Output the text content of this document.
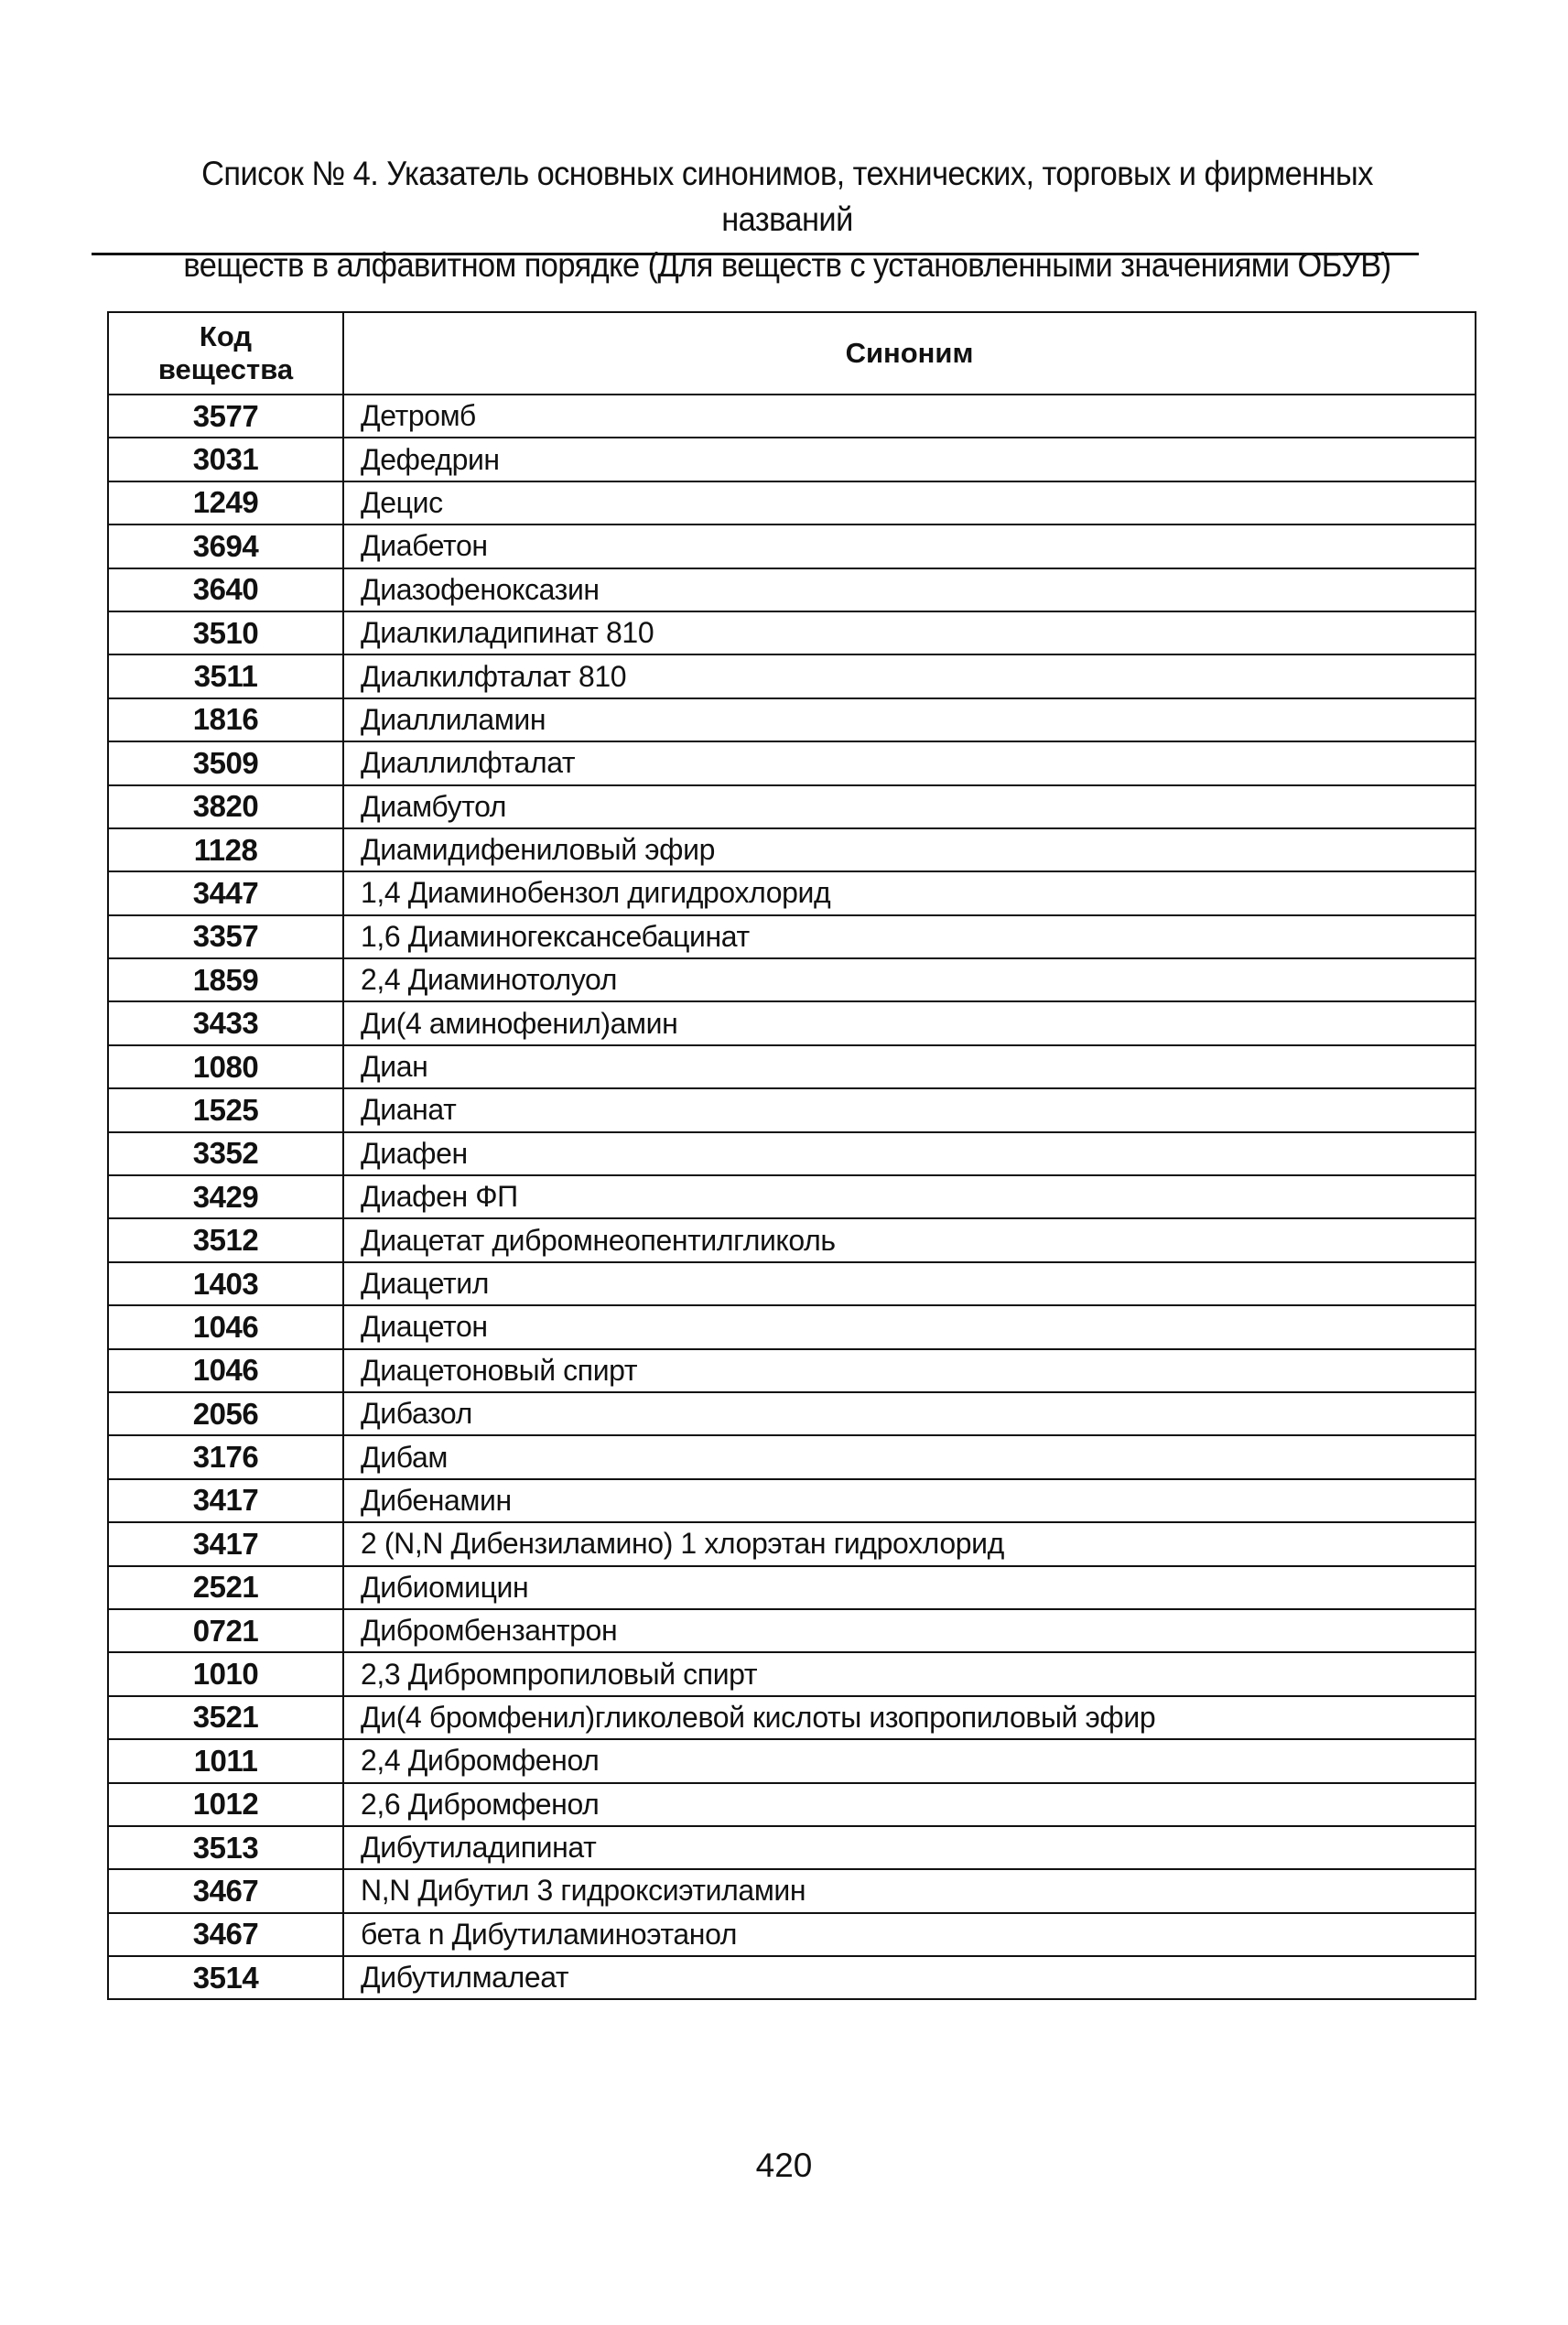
Список № 4. Указатель основных синонимов, технических, торговых и фирменных названий
веществ в алфавитном порядке (Для веществ с установленными значениями ОБУВ)
Код
вещества	Синоним
3577	Детромб
3031	Дефедрин
1249	Децис
3694	Диабетон
3640	Диазофеноксазин
3510	Диалкиладипинат 810
3511	Диалкилфталат 810
1816	Диаллиламин
3509	Диаллилфталат
3820	Диамбутол
1128	Диамидифениловый эфир
3447	1,4 Диаминобензол дигидрохлорид
3357	1,6 Диаминогексансебацинат
1859	2,4 Диаминотолуол
3433	Ди(4 аминофенил)амин
1080	Диан
1525	Дианат
3352	Диафен
3429	Диафен ФП
3512	Диацетат дибромнеопентилгликоль
1403	Диацетил
1046	Диацетон
1046	Диацетоновый спирт
2056	Дибазол
3176	Дибам
3417	Дибенамин
3417	2 (N,N Дибензиламино) 1 хлорэтан гидрохлорид
2521	Дибиомицин
0721	Дибромбензантрон
1010	2,3 Дибромпропиловый спирт
3521	Ди(4 бромфенил)гликолевой кислоты изопропиловый эфир
1011	2,4 Дибромфенол
1012	2,6 Дибромфенол
3513	Дибутиладипинат
3467	N,N Дибутил 3 гидроксиэтиламин
3467	бета n Дибутиламиноэтанол
3514	Дибутилмалеат
420
